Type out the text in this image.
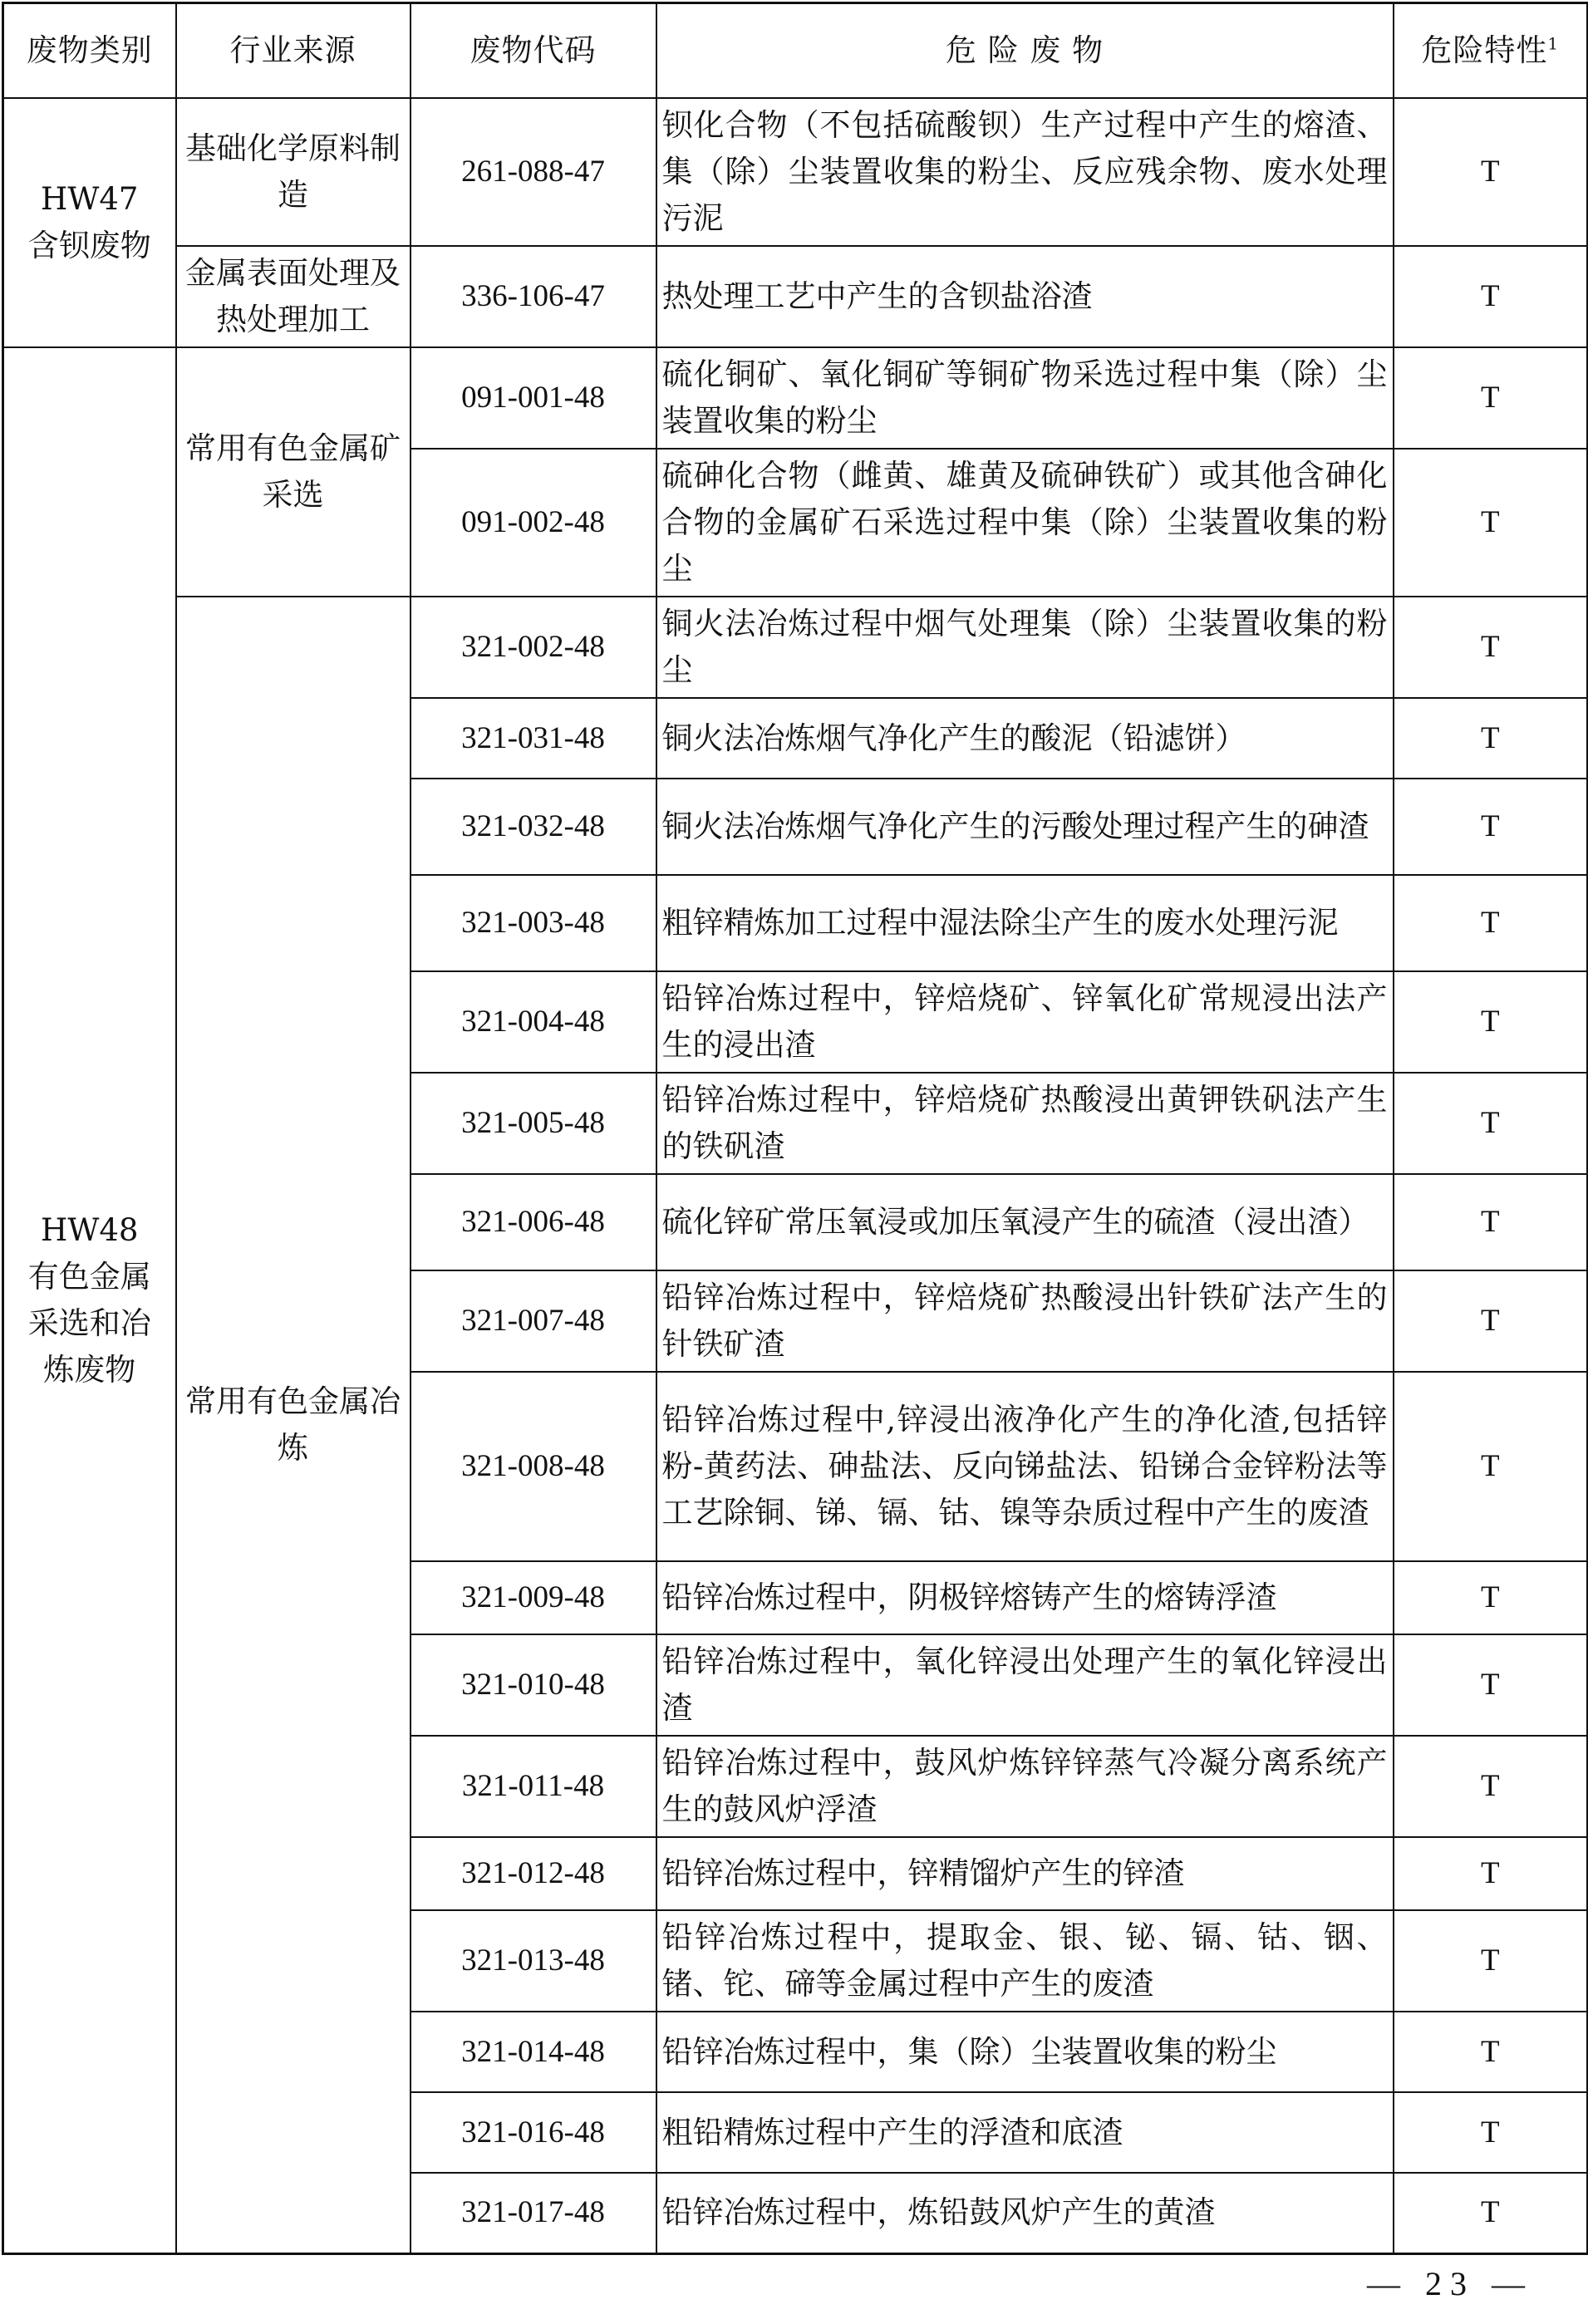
废物类别	行业来源	废物代码	危 险 废 物	危险特性$^1$

HW47
含钡废物	基础化学原料制造	261-088-47	钡化合物（不包括硫酸钡）生产过程中产生的熔渣、集（除）尘装置收集的粉尘、反应残余物、废水处理污泥	T
	金属表面处理及热处理加工	336-106-47	热处理工艺中产生的含钡盐浴渣	T

HW48
有色金属采选和冶炼废物	常用有色金属矿采选	091-001-48	硫化铜矿、氧化铜矿等铜矿物采选过程中集（除）尘装置收集的粉尘	T
		091-002-48	硫砷化合物（雌黄、雄黄及硫砷铁矿）或其他含砷化合物的金属矿石采选过程中集（除）尘装置收集的粉尘	T
	常用有色金属冶炼	321-002-48	铜火法冶炼过程中烟气处理集（除）尘装置收集的粉尘	T
		321-031-48	铜火法冶炼烟气净化产生的酸泥（铅滤饼）	T
		321-032-48	铜火法冶炼烟气净化产生的污酸处理过程产生的砷渣	T
		321-003-48	粗锌精炼加工过程中湿法除尘产生的废水处理污泥	T
		321-004-48	铅锌冶炼过程中，锌焙烧矿、锌氧化矿常规浸出法产生的浸出渣	T
		321-005-48	铅锌冶炼过程中，锌焙烧矿热酸浸出黄钾铁矾法产生的铁矾渣	T
		321-006-48	硫化锌矿常压氧浸或加压氧浸产生的硫渣（浸出渣）	T
		321-007-48	铅锌冶炼过程中，锌焙烧矿热酸浸出针铁矿法产生的针铁矿渣	T
		321-008-48	铅锌冶炼过程中,锌浸出液净化产生的净化渣,包括锌粉-黄药法、砷盐法、反向锑盐法、铅锑合金锌粉法等工艺除铜、锑、镉、钴、镍等杂质过程中产生的废渣	T
		321-009-48	铅锌冶炼过程中，阴极锌熔铸产生的熔铸浮渣	T
		321-010-48	铅锌冶炼过程中，氧化锌浸出处理产生的氧化锌浸出渣	T
		321-011-48	铅锌冶炼过程中，鼓风炉炼锌锌蒸气冷凝分离系统产生的鼓风炉浮渣	T
		321-012-48	铅锌冶炼过程中，锌精馏炉产生的锌渣	T
		321-013-48	铅锌冶炼过程中，提取金、银、铋、镉、钴、铟、锗、铊、碲等金属过程中产生的废渣	T
		321-014-48	铅锌冶炼过程中，集（除）尘装置收集的粉尘	T
		321-016-48	粗铅精炼过程中产生的浮渣和底渣	T
		321-017-48	铅锌冶炼过程中，炼铅鼓风炉产生的黄渣	T
— 23 —
